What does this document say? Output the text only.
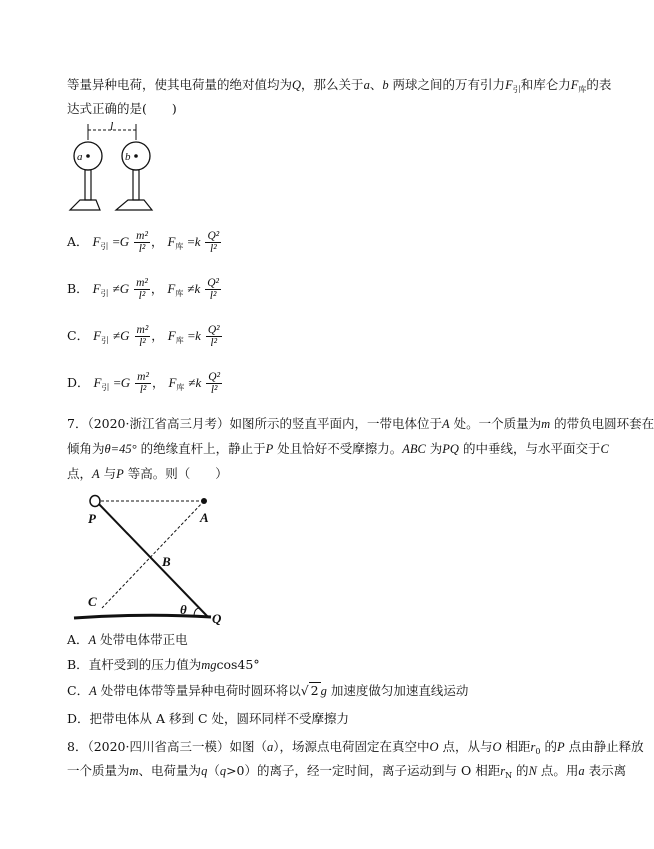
等量异种电荷，使其电荷量的绝对值均为Q，那么关于a、b 两球之间的万有引力$F_引$和库仑力$F_库$的表
达式正确的是(　　)
l
a	b
A． $F_引 =G \frac{\text{m²}}{\text{l²}}$ ， $F_库 =k \frac{\text{Q²}}{\text{l²}}$
B． $F_引 \ne G \frac{\text{m²}}{\text{l²}}$ ， $F_库 \ne k \frac{\text{Q²}}{\text{l²}}$
C． $F_引 \ne G \frac{\text{m²}}{\text{l²}}$ ， $F_库 =k \frac{\text{Q²}}{\text{l²}}$
D． $F_引 =G \frac{\text{m²}}{\text{l²}}$ ， $F_库 \ne k \frac{\text{Q²}}{\text{l²}}$
7．（2020·浙江省高三月考）如图所示的竖直平面内，一带电体位于A 处。一个质量为m 的带负电圆环套在
倾角为θ=45° 的绝缘直杆上，静止于P 处且恰好不受摩擦力。ABC 为PQ 的中垂线，与水平面交于C
点，A 与P 等高。则（　　）
P	A
B
C
θ
Q
A．A 处带电体带正电
B．直杆受到的压力值为mgcos45°
C．A 处带电体带等量异种电荷时圆环将以√ 2 g 加速度做匀加速直线运动
D．把带电体从 A 移到 C 处，圆环同样不受摩擦力
8．（2020·四川省高三一模）如图（a），场源点电荷固定在真空中O 点，从与O 相距$r_0$ 的P 点由静止释放
一个质量为m、电荷量为q（q>0）的离子，经一定时间，离子运动到与 O 相距$r_N$ 的N 点。用a 表示离
